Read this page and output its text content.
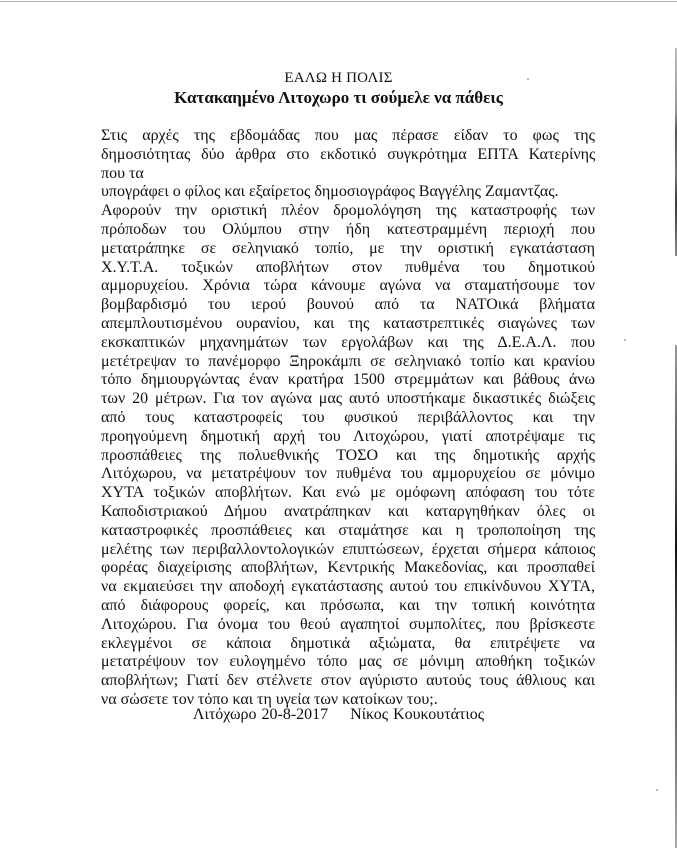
ΕΑΛΩ Η ΠΟΛΙΣ
Κατακαημένο Λιτοχωρο τι σούμελε να πάθεις
Στις αρχές της εβδομάδας που μας πέρασε είδαν το φως της
δημοσιότητας δύο άρθρα στο εκδοτικό συγκρότημα ΕΠΤΑ Κατερίνης
που τα
υπογράφει ο φίλος και εξαίρετος δημοσιογράφος Βαγγέλης Ζαμαντζας.
Αφορούν την οριστική πλέον δρομολόγηση της καταστροφής των
πρόποδων του Ολύμπου στην ήδη κατεστραμμένη περιοχή που
μετατράπηκε σε σεληνιακό τοπίο, με την οριστική εγκατάσταση
Χ.Υ.Τ.Α. τοξικών αποβλήτων στον πυθμένα του δημοτικού
αμμορυχείου. Χρόνια τώρα κάνουμε αγώνα να σταματήσουμε τον
βομβαρδισμό του ιερού βουνού από τα ΝΑΤΟικά βλήματα
απεμπλουτισμένου ουρανίου, και της καταστρεπτικές σιαγώνες των
εκσκαπτικών μηχανημάτων των εργολάβων και της Δ.Ε.Α.Λ. που
μετέτρεψαν το πανέμορφο Ξηροκάμπι σε σεληνιακό τοπίο και κρανίου
τόπο δημιουργώντας έναν κρατήρα 1500 στρεμμάτων και βάθους άνω
των 20 μέτρων. Για τον αγώνα μας αυτό υποστήκαμε δικαστικές διώξεις
από τους καταστροφείς του φυσικού περιβάλλοντος και την
προηγούμενη δημοτική αρχή του Λιτοχώρου, γιατί αποτρέψαμε τις
προσπάθειες της πολυεθνικής ΤΟΣΟ και της δημοτικής αρχής
Λιτόχωρου, να μετατρέψουν τον πυθμένα του αμμορυχείου σε μόνιμο
ΧΥΤΑ τοξικών αποβλήτων. Και ενώ με ομόφωνη απόφαση του τότε
Καποδιστριακού Δήμου ανατράπηκαν και καταργηθήκαν όλες οι
καταστροφικές προσπάθειες και σταμάτησε και η τροποποίηση της
μελέτης των περιβαλλοντολογικών επιπτώσεων, έρχεται σήμερα κάποιος
φορέας διαχείρισης αποβλήτων, Κεντρικής Μακεδονίας, και προσπαθεί
να εκμαιεύσει την αποδοχή εγκατάστασης αυτού του επικίνδυνου ΧΥΤΑ,
από διάφορους φορείς, και πρόσωπα, και την τοπική κοινότητα
Λιτοχώρου. Για όνομα του θεού αγαπητοί συμπολίτες, που βρίσκεστε
εκλεγμένοι σε κάποια δημοτικά αξιώματα, θα επιτρέψετε να
μετατρέψουν τον ευλογημένο τόπο μας σε μόνιμη αποθήκη τοξικών
αποβλήτων; Γιατί δεν στέλνετε στον αγύριστο αυτούς τους άθλιους και
να σώσετε τον τόπο και τη υγεία των κατοίκων του;.
Λιτόχωρο 20-8-2017 Νίκος Κουκουτάτιος
